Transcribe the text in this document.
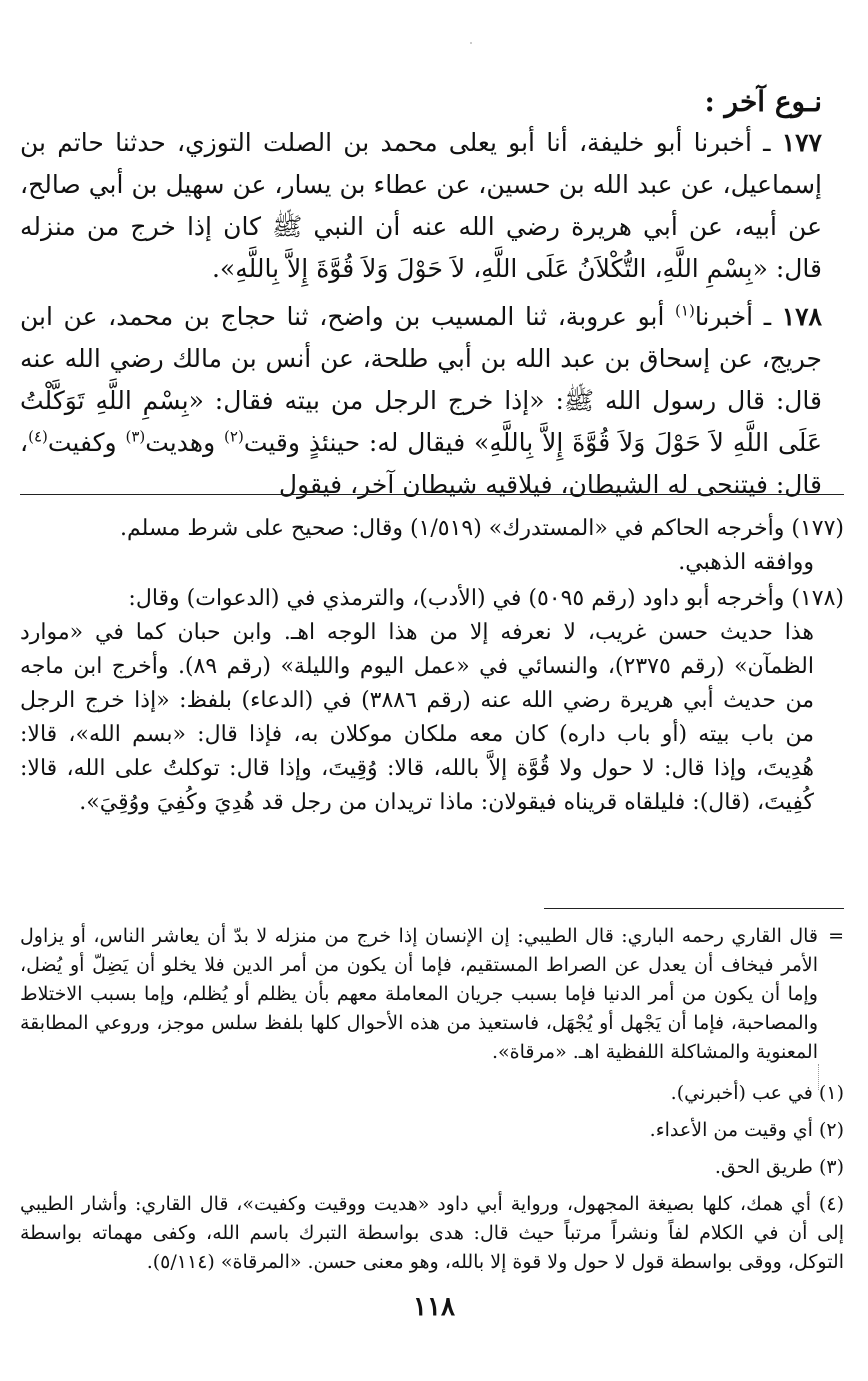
نـوع آخر :

١٧٧ ـ أخبرنا أبو خليفة، أنا أبو يعلى محمد بن الصلت التوزي، حدثنا حاتم بن إسماعيل، عن عبد الله بن حسين، عن عطاء بن يسار، عن سهيل بن أبي صالح، عن أبيه، عن أبي هريرة رضي الله عنه أن النبي ﷺ كان إذا خرج من منزله قال: «بِسْمِ اللَّهِ، التُّكْلاَنُ عَلَى اللَّهِ، لاَ حَوْلَ وَلاَ قُوَّةَ إِلاَّ بِاللَّهِ».

١٧٨ ـ أخبرنا$^{(١)}$ أبو عروبة، ثنا المسيب بن واضح، ثنا حجاج بن محمد، عن ابن جريج، عن إسحاق بن عبد الله بن أبي طلحة، عن أنس بن مالك رضي الله عنه قال: قال رسول الله ﷺ: «إذا خرج الرجل من بيته فقال: «بِسْمِ اللَّهِ تَوَكَّلْتُ عَلَى اللَّهِ لاَ حَوْلَ وَلاَ قُوَّةَ إِلاَّ بِاللَّهِ» فيقال له: حينئذٍ وقيت$^{(٢)}$ وهديت$^{(٣)}$ وكفيت$^{(٤)}$، قال: فيتنحى له الشيطان، فيلاقيه شيطان آخر، فيقول

(١٧٧) وأخرجه الحاكم في «المستدرك» (١/٥١٩) وقال: صحيح على شرط مسلم.
ووافقه الذهبي.
(١٧٨) وأخرجه أبو داود (رقم ٥٠٩٥) في (الأدب)، والترمذي في (الدعوات) وقال:
هذا حديث حسن غريب، لا نعرفه إلا من هذا الوجه اهـ. وابن حبان كما في «موارد الظمآن» (رقم ٢٣٧٥)، والنسائي في «عمل اليوم والليلة» (رقم ٨٩). وأخرج ابن ماجه من حديث أبي هريرة رضي الله عنه (رقم ٣٨٨٦) في (الدعاء) بلفظ: «إذا خرج الرجل من باب بيته (أو باب داره) كان معه ملكان موكلان به، فإذا قال: «بسم الله»، قالا: هُدِيتَ، وإذا قال: لا حول ولا قُوَّة إلاَّ بالله، قالا: وُقِيتَ، وإذا قال: توكلتُ على الله، قالا: كُفِيتَ، (قال): فليلقاه قريناه فيقولان: ماذا تريدان من رجل قد هُدِيَ وكُفِيَ ووُقِيَ».
=
قال القاري رحمه الباري: قال الطيبي: إن الإنسان إذا خرج من منزله لا بدّ أن يعاشر الناس، أو يزاول الأمر فيخاف أن يعدل عن الصراط المستقيم، فإما أن يكون من أمر الدين فلا يخلو أن يَضِلّ أو يُضل، وإما أن يكون من أمر الدنيا فإما بسبب جريان المعاملة معهم بأن يظلم أو يُظلم، وإما بسبب الاختلاط والمصاحبة، فإما أن يَجْهل أو يُجْهَل، فاستعيذ من هذه الأحوال كلها بلفظ سلس موجز، وروعي المطابقة المعنوية والمشاكلة اللفظية اهـ. «مرقاة».
(١) في عب (أخبرني).
(٢) أي وقيت من الأعداء.
(٣) طريق الحق.
(٤) أي همك، كلها بصيغة المجهول، ورواية أبي داود «هديت ووقيت وكفيت»، قال القاري: وأشار الطيبي إلى أن في الكلام لفاً ونشراً مرتباً حيث قال: هدى بواسطة التبرك باسم الله، وكفى مهماته بواسطة التوكل، ووقى بواسطة قول لا حول ولا قوة إلا بالله، وهو معنى حسن. «المرقاة» (٥/١١٤).
١١٨
